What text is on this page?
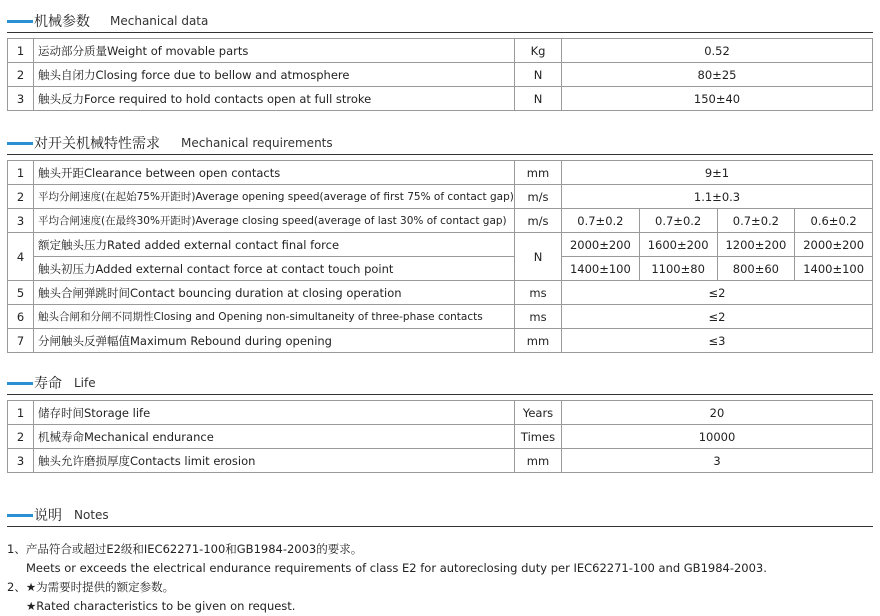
机械参数 Mechanical data
1	运动部分质量Weight of movable parts	Kg	0.52
2	触头自闭力Closing force due to bellow and atmosphere	N	80±25
3	触头反力Force required to hold contacts open at full stroke	N	150±40
对开关机械特性需求 Mechanical requirements
1	触头开距Clearance between open contacts	mm	9±1			
2	平均分闸速度(在起始75%开距时)Average opening speed(average of first 75% of contact gap)	m/s	1.1±0.3			
3	平均合闸速度(在最终30%开距时)Average closing speed(average of last 30% of contact gap)	m/s	0.7±0.2	0.7±0.2	0.7±0.2	0.6±0.2
4	额定触头压力Rated added external contact final force	N	2000±200	1600±200	1200±200	2000±200
	触头初压力Added external contact force at contact touch point		1400±100	1100±80	800±60	1400±100
5	触头合闸弹跳时间Contact bouncing duration at closing operation	ms	≤2			
6	触头合闸和分闸不同期性Closing and Opening non-simultaneity of three-phase contacts	ms	≤2			
7	分闸触头反弹幅值Maximum Rebound during opening	mm	≤3			
寿命 Life
1	储存时间Storage life	Years	20
2	机械寿命Mechanical endurance	Times	10000
3	触头允许磨损厚度Contacts limit erosion	mm	3
说明 Notes
1、产品符合或超过E2级和IEC62271-100和GB1984-2003的要求。
Meets or exceeds the electrical endurance requirements of class E2 for autoreclosing duty per IEC62271-100 and GB1984-2003.
2、★为需要时提供的额定参数。
★Rated characteristics to be given on request.
